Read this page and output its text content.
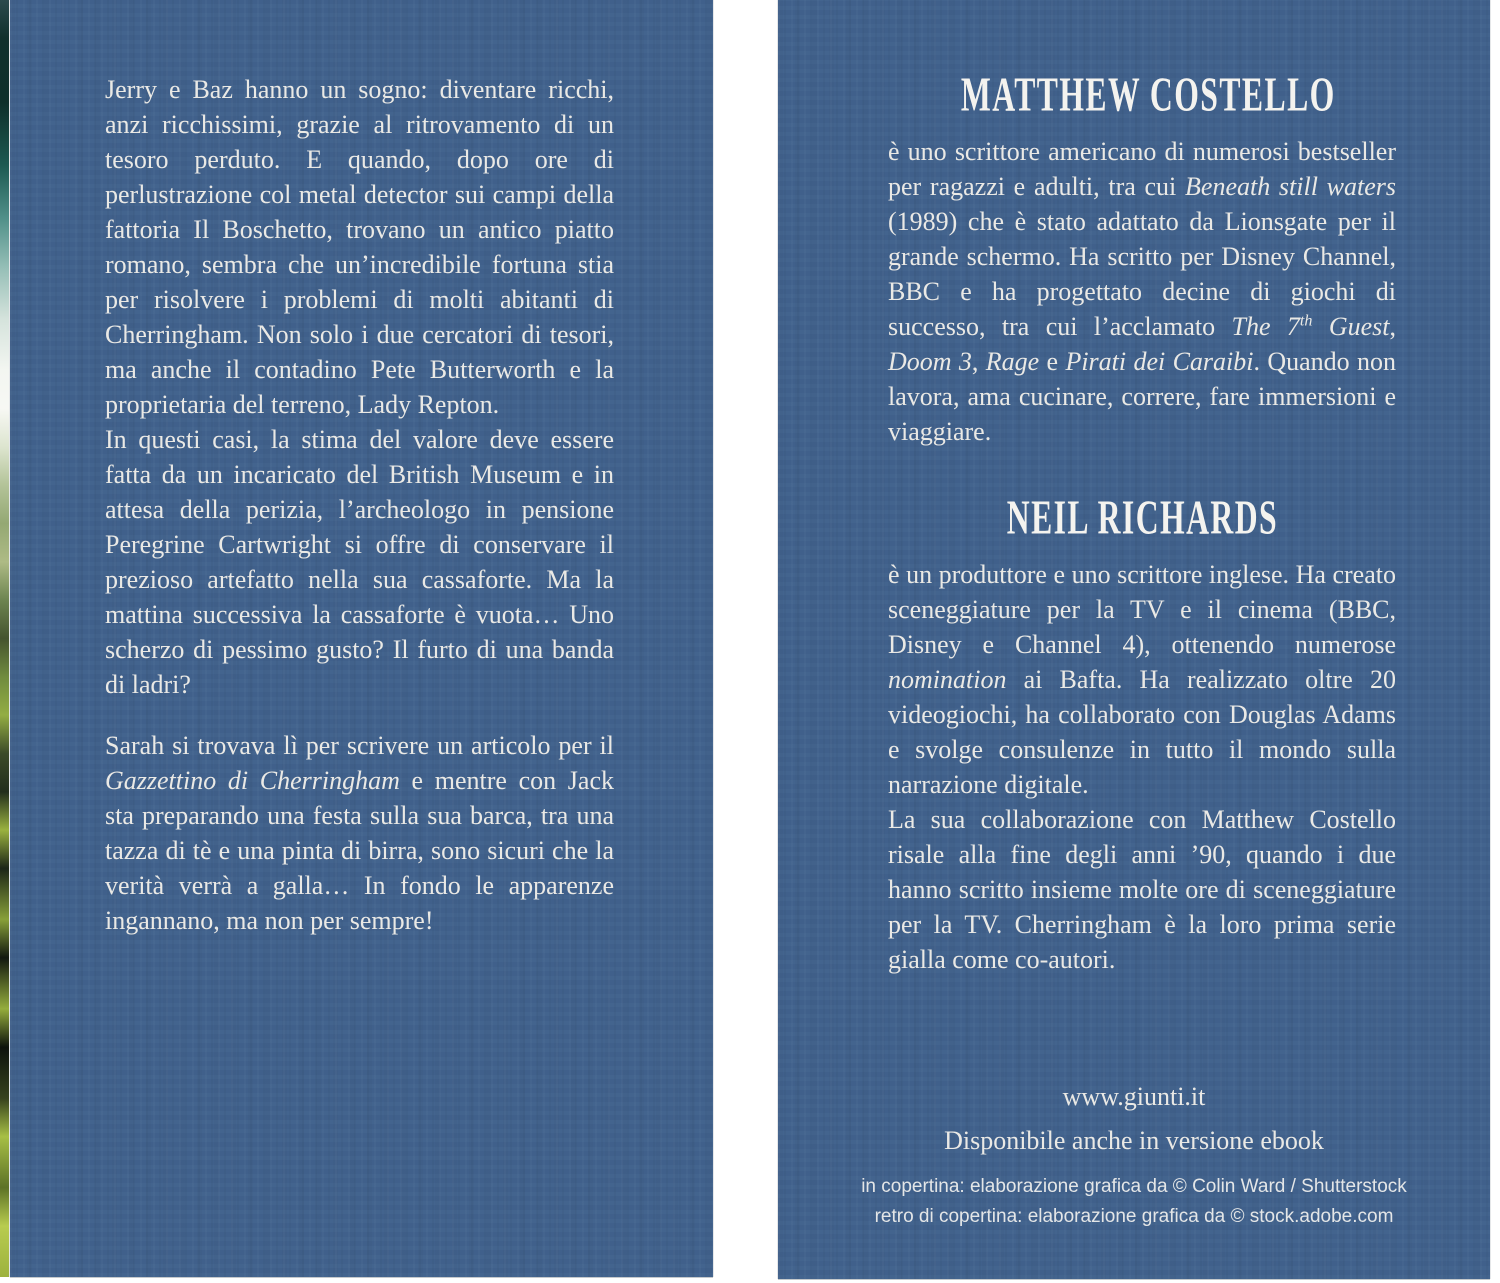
Jerry e Baz hanno un sogno: diventare ricchi, anzi ricchissimi, grazie al ritrovamento di un tesoro perduto. E quando, dopo ore di perlustrazione col metal detector sui campi della fattoria Il Boschetto, trovano un antico piatto romano, sembra che un’incredibile fortuna stia per risolvere i problemi di molti abitanti di Cherringham. Non solo i due cercatori di tesori, ma anche il contadino Pete Butterworth e la proprietaria del terreno, Lady Repton.

In questi casi, la stima del valore deve essere fatta da un incaricato del British Museum e in attesa della perizia, l’archeologo in pensione Peregrine Cartwright si offre di conservare il prezioso artefatto nella sua cassaforte. Ma la mattina successiva la cassaforte è vuota… Uno scherzo di pessimo gusto? Il furto di una banda di ladri?

Sarah si trovava lì per scrivere un articolo per il Gazzettino di Cherringham e mentre con Jack sta preparando una festa sulla sua barca, tra una tazza di tè e una pinta di birra, sono sicuri che la verità verrà a galla… In fondo le apparenze ingannano, ma non per sempre!

MATTHEW COSTELLO

è uno scrittore americano di numerosi bestseller per ragazzi e adulti, tra cui Beneath still waters (1989) che è stato adattato da Lionsgate per il grande schermo. Ha scritto per Disney Channel, BBC e ha progettato decine di giochi di successo, tra cui l’acclamato The 7th Guest, Doom 3, Rage e Pirati dei Caraibi. Quando non lavora, ama cucinare, correre, fare immersioni e viaggiare.

NEIL RICHARDS

è un produttore e uno scrittore inglese. Ha creato sceneggiature per la TV e il cinema (BBC, Disney e Channel 4), ottenendo numerose nomination ai Bafta. Ha realizzato oltre 20 videogiochi, ha collaborato con Douglas Adams e svolge consulenze in tutto il mondo sulla narrazione digitale.

La sua collaborazione con Matthew Costello risale alla fine degli anni ’90, quando i due hanno scritto insieme molte ore di sceneggiature per la TV. Cherringham è la loro prima serie gialla come co-autori.

www.giunti.it
Disponibile anche in versione ebook
in copertina: elaborazione grafica da © Colin Ward / Shutterstock
retro di copertina: elaborazione grafica da © stock.adobe.com
